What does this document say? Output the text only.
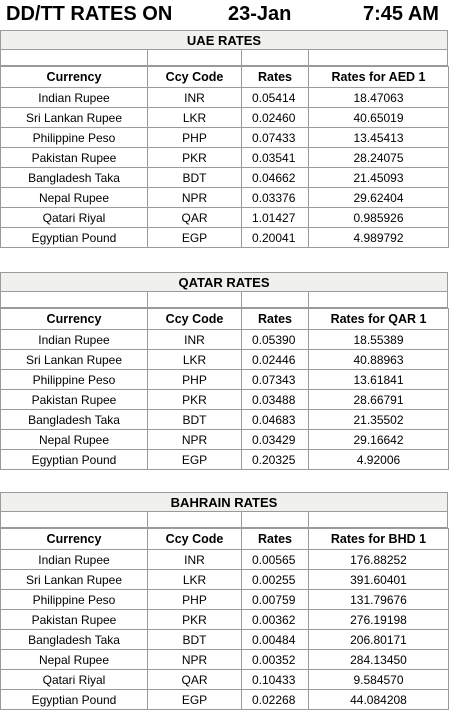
DD/TT RATES ON	23-Jan	7:45 AM
UAE RATES
Currency	Ccy Code	Rates	Rates for AED 1
Indian Rupee	INR	0.05414	18.47063
Sri Lankan Rupee	LKR	0.02460	40.65019
Philippine Peso	PHP	0.07433	13.45413
Pakistan Rupee	PKR	0.03541	28.24075
Bangladesh Taka	BDT	0.04662	21.45093
Nepal Rupee	NPR	0.03376	29.62404
Qatari Riyal	QAR	1.01427	0.985926
Egyptian Pound	EGP	0.20041	4.989792
QATAR RATES
Currency	Ccy Code	Rates	Rates for QAR 1
Indian Rupee	INR	0.05390	18.55389
Sri Lankan Rupee	LKR	0.02446	40.88963
Philippine Peso	PHP	0.07343	13.61841
Pakistan Rupee	PKR	0.03488	28.66791
Bangladesh Taka	BDT	0.04683	21.35502
Nepal Rupee	NPR	0.03429	29.16642
Egyptian Pound	EGP	0.20325	4.92006
BAHRAIN RATES
Currency	Ccy Code	Rates	Rates for BHD 1
Indian Rupee	INR	0.00565	176.88252
Sri Lankan Rupee	LKR	0.00255	391.60401
Philippine Peso	PHP	0.00759	131.79676
Pakistan Rupee	PKR	0.00362	276.19198
Bangladesh Taka	BDT	0.00484	206.80171
Nepal Rupee	NPR	0.00352	284.13450
Qatari Riyal	QAR	0.10433	9.584570
Egyptian Pound	EGP	0.02268	44.084208
